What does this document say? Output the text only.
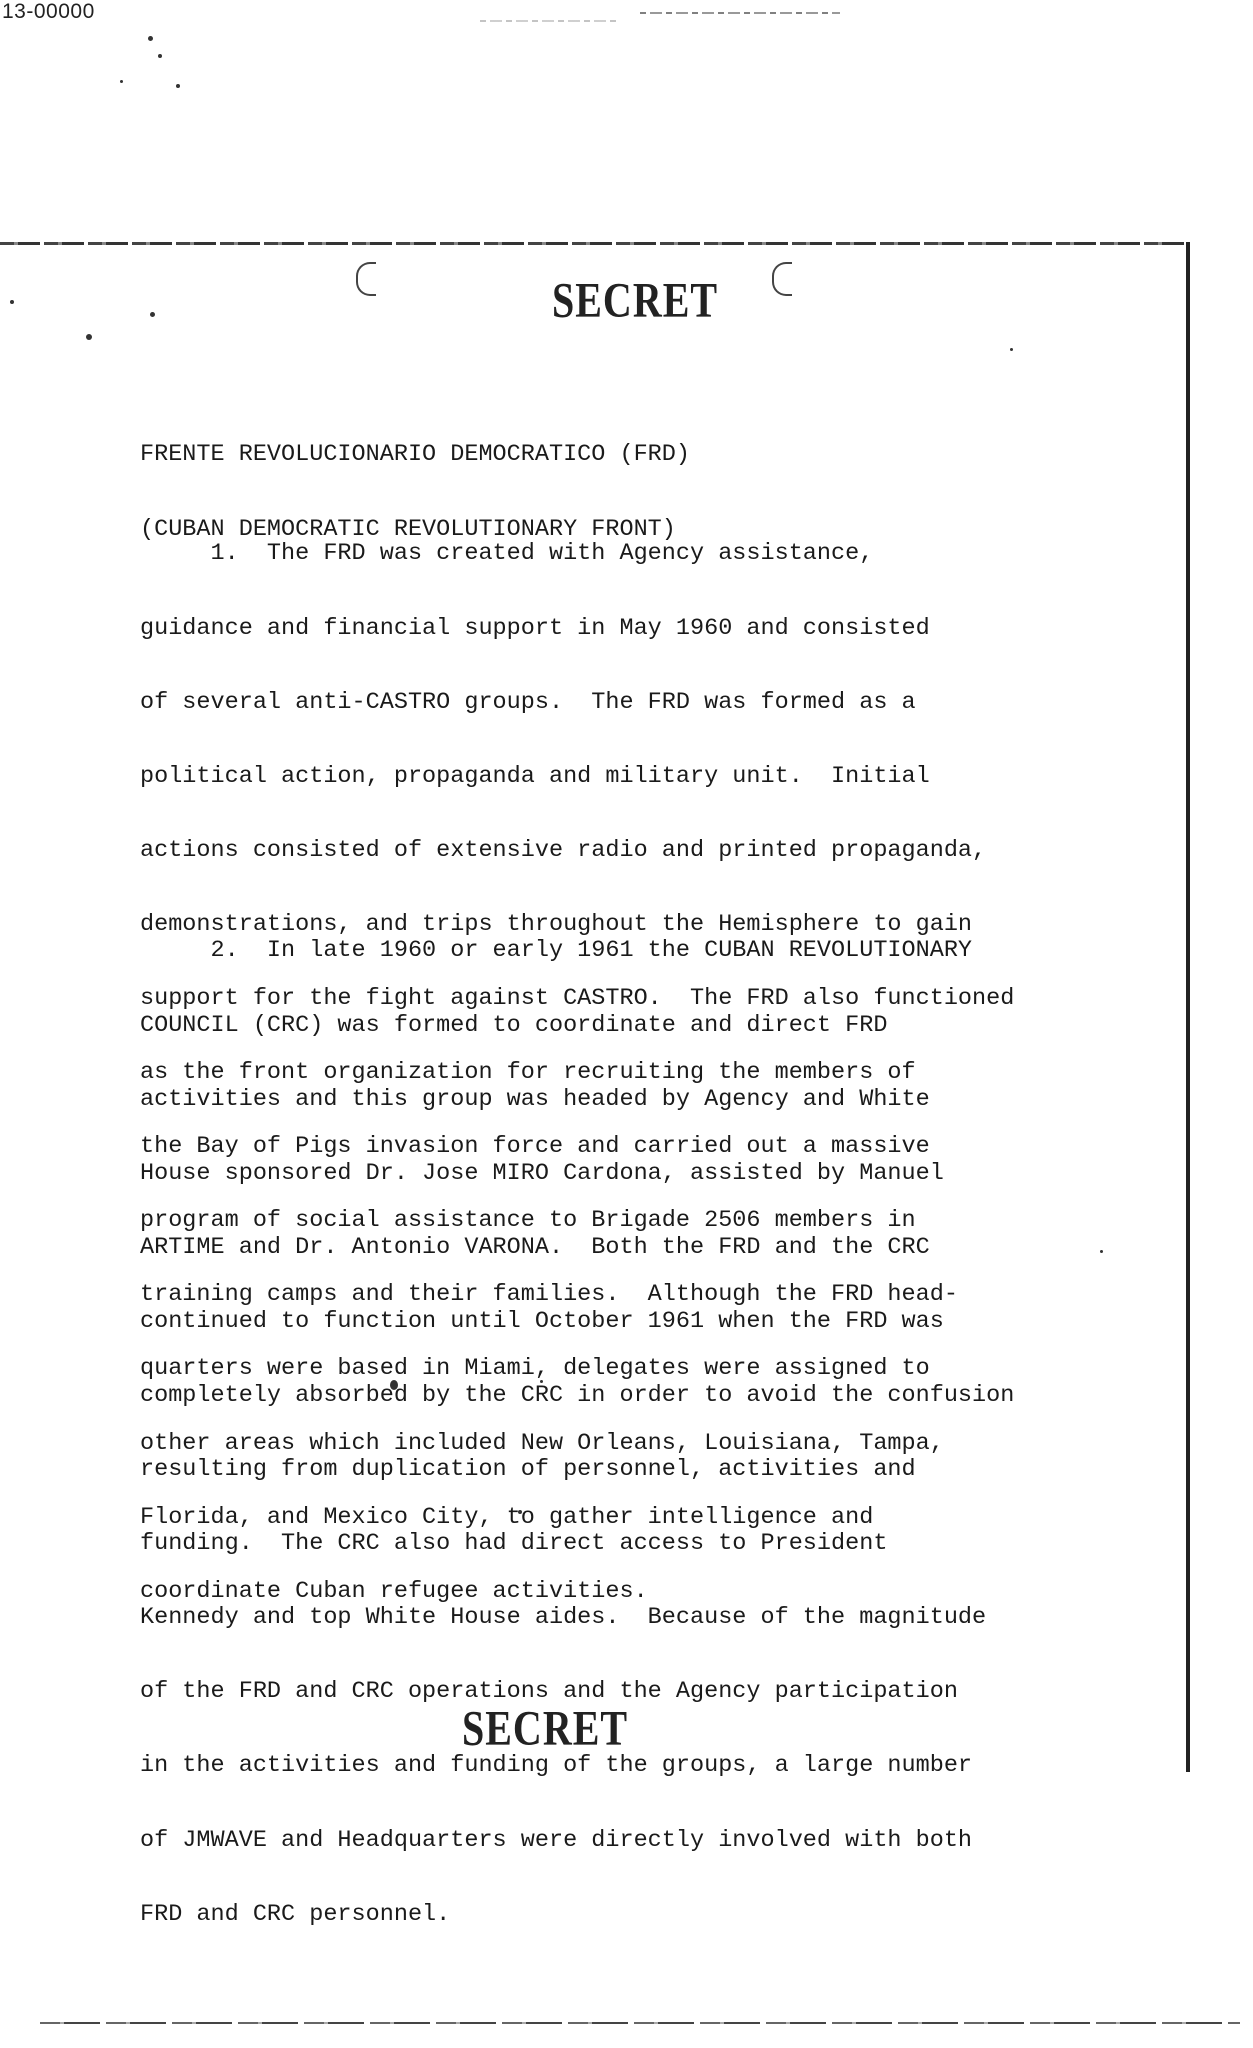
13-00000
SECRET

FRENTE REVOLUCIONARIO DEMOCRATICO (FRD)

(CUBAN DEMOCRATIC REVOLUTIONARY FRONT)

1.  The FRD was created with Agency assistance,

guidance and financial support in May 1960 and consisted

of several anti-CASTRO groups.  The FRD was formed as a

political action, propaganda and military unit.  Initial

actions consisted of extensive radio and printed propaganda,

demonstrations, and trips throughout the Hemisphere to gain

support for the fight against CASTRO.  The FRD also functioned

as the front organization for recruiting the members of

the Bay of Pigs invasion force and carried out a massive

program of social assistance to Brigade 2506 members in

training camps and their families.  Although the FRD head-

quarters were based in Miami, delegates were assigned to

other areas which included New Orleans, Louisiana, Tampa,

Florida, and Mexico City, to gather intelligence and

coordinate Cuban refugee activities.

2.  In late 1960 or early 1961 the CUBAN REVOLUTIONARY

COUNCIL (CRC) was formed to coordinate and direct FRD

activities and this group was headed by Agency and White

House sponsored Dr. Jose MIRO Cardona, assisted by Manuel

ARTIME and Dr. Antonio VARONA.  Both the FRD and the CRC

continued to function until October 1961 when the FRD was

completely absorbed by the CRC in order to avoid the confusion

resulting from duplication of personnel, activities and

funding.  The CRC also had direct access to President

Kennedy and top White House aides.  Because of the magnitude

of the FRD and CRC operations and the Agency participation

in the activities and funding of the groups, a large number

of JMWAVE and Headquarters were directly involved with both

FRD and CRC personnel.

SECRET
